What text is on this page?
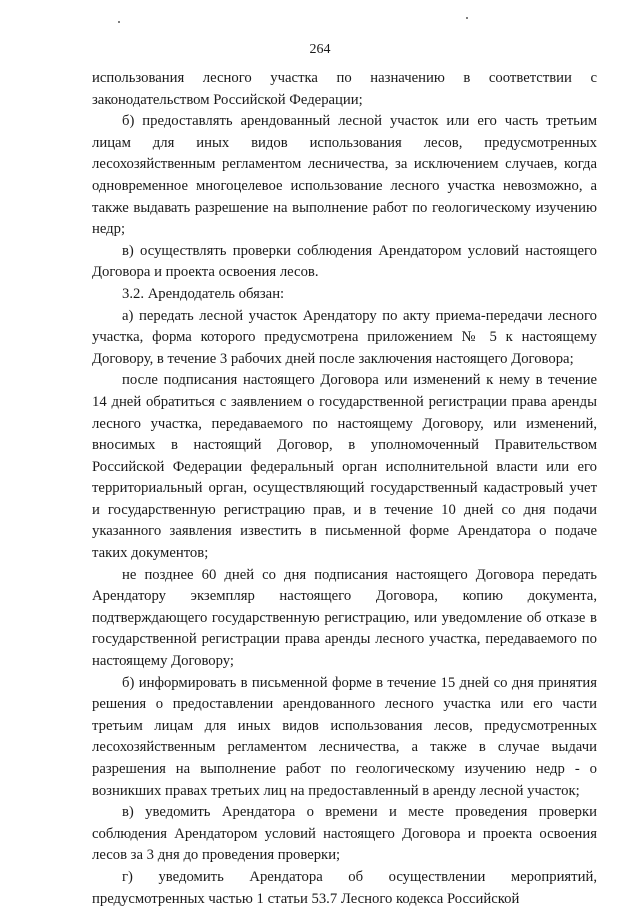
264

использования лесного участка по назначению в соответствии с законодательством Российской Федерации;

б) предоставлять арендованный лесной участок или его часть третьим лицам для иных видов использования лесов, предусмотренных лесохозяйственным регламентом лесничества, за исключением случаев, когда одновременное многоцелевое использование лесного участка невозможно, а также выдавать разрешение на выполнение работ по геологическому изучению недр;

в) осуществлять проверки соблюдения Арендатором условий настоящего Договора и проекта освоения лесов.

3.2. Арендодатель обязан:

а) передать лесной участок Арендатору по акту приема-передачи лесного участка, форма которого предусмотрена приложением № 5 к настоящему Договору, в течение 3 рабочих дней после заключения настоящего Договора;

после подписания настоящего Договора или изменений к нему в течение 14 дней обратиться с заявлением о государственной регистрации права аренды лесного участка, передаваемого по настоящему Договору, или изменений, вносимых в настоящий Договор, в уполномоченный Правительством Российской Федерации федеральный орган исполнительной власти или его территориальный орган, осуществляющий государственный кадастровый учет и государственную регистрацию прав, и в течение 10 дней со дня подачи указанного заявления известить в письменной форме Арендатора о подаче таких документов;

не позднее 60 дней со дня подписания настоящего Договора передать Арендатору экземпляр настоящего Договора, копию документа, подтверждающего государственную регистрацию, или уведомление об отказе в государственной регистрации права аренды лесного участка, передаваемого по настоящему Договору;

б) информировать в письменной форме в течение 15 дней со дня принятия решения о предоставлении арендованного лесного участка или его части третьим лицам для иных видов использования лесов, предусмотренных лесохозяйственным регламентом лесничества, а также в случае выдачи разрешения на выполнение работ по геологическому изучению недр - о возникших правах третьих лиц на предоставленный в аренду лесной участок;

в) уведомить Арендатора о времени и месте проведения проверки соблюдения Арендатором условий настоящего Договора и проекта освоения лесов за 3 дня до проведения проверки;

г) уведомить Арендатора об осуществлении мероприятий, предусмотренных частью 1 статьи 53.7 Лесного кодекса Российской
